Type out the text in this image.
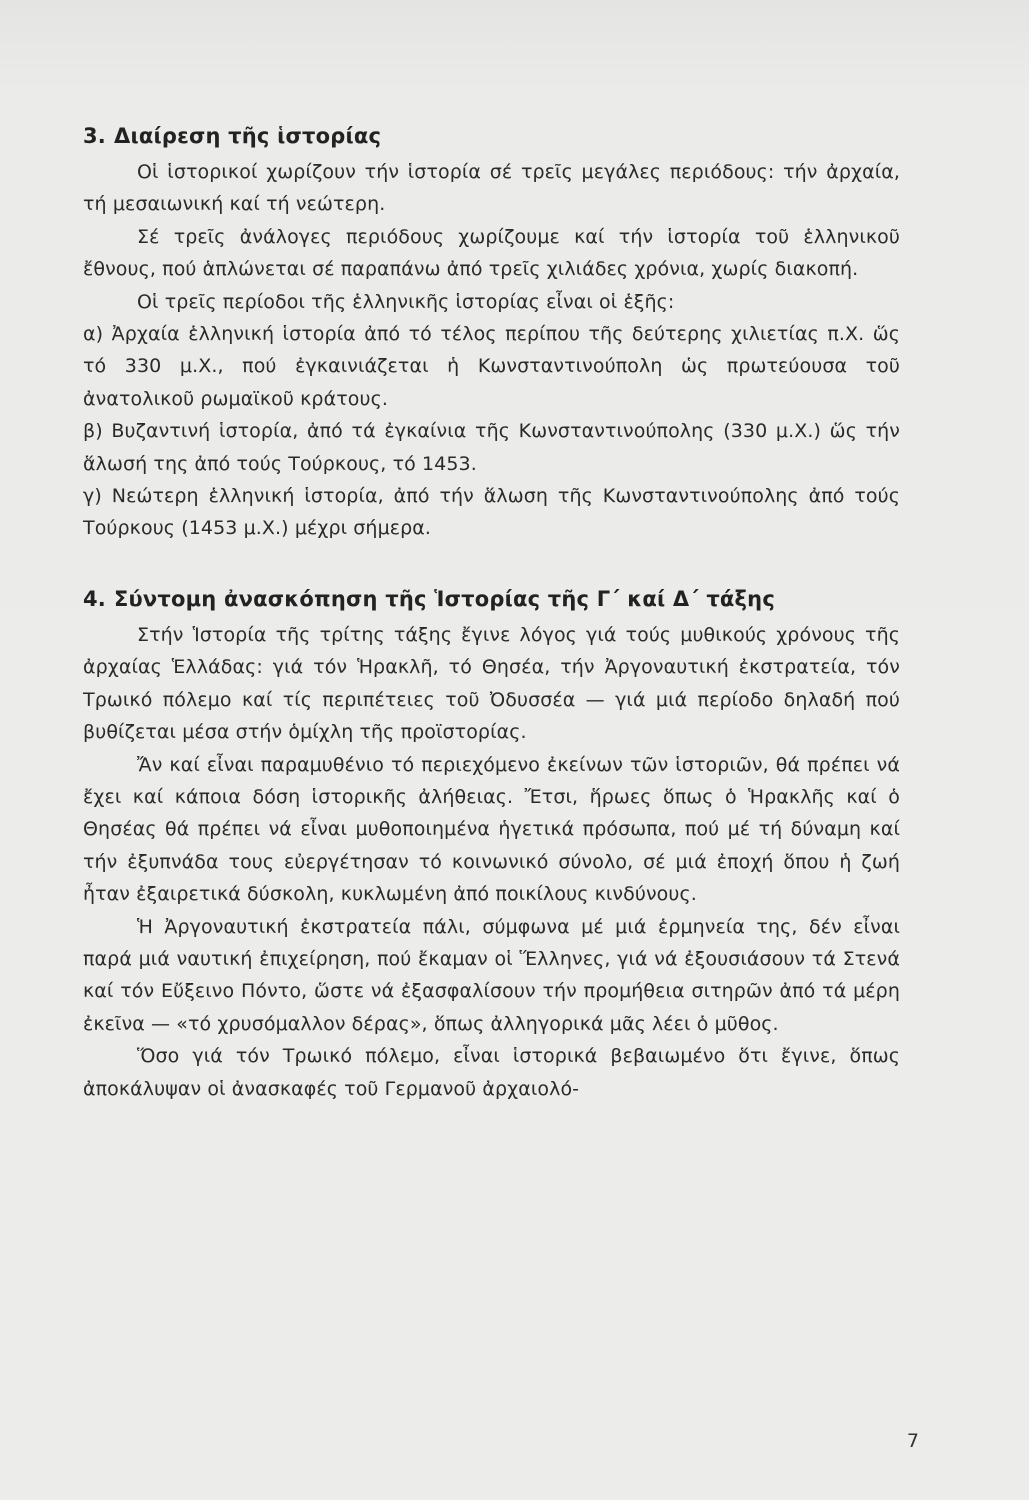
3. Διαίρεση τῆς ἱστορίας

Οἱ ἱστορικοί χωρίζουν τήν ἱστορία σέ τρεῖς μεγάλες περιόδους: τήν ἀρχαία, τή μεσαιωνική καί τή νεώτερη.

Σέ τρεῖς ἀνάλογες περιόδους χωρίζουμε καί τήν ἱστορία τοῦ ἑλληνικοῦ ἔθνους, πού ἁπλώνεται σέ παραπάνω ἀπό τρεῖς χιλιάδες χρόνια, χωρίς διακοπή.

Οἱ τρεῖς περίοδοι τῆς ἑλληνικῆς ἱστορίας εἶναι οἱ ἑξῆς:

α) Ἀρχαία ἑλληνική ἱστορία ἀπό τό τέλος περίπου τῆς δεύτερης χιλιετίας π.Χ. ὥς τό 330 μ.Χ., πού ἐγκαινιάζεται ἡ Κωνσταντινούπολη ὡς πρωτεύουσα τοῦ ἀνατολικοῦ ρωμαϊκοῦ κράτους.

β) Βυζαντινή ἱστορία, ἀπό τά ἐγκαίνια τῆς Κωνσταντινούπολης (330 μ.Χ.) ὥς τήν ἅλωσή της ἀπό τούς Τούρκους, τό 1453.

γ) Νεώτερη ἑλληνική ἱστορία, ἀπό τήν ἅλωση τῆς Κωνσταντινούπολης ἀπό τούς Τούρκους (1453 μ.Χ.) μέχρι σήμερα.

4. Σύντομη ἀνασκόπηση τῆς Ἱστορίας τῆς Γ΄ καί Δ΄ τάξης

Στήν Ἱστορία τῆς τρίτης τάξης ἔγινε λόγος γιά τούς μυθικούς χρόνους τῆς ἀρχαίας Ἑλλάδας: γιά τόν Ἡρακλῆ, τό Θησέα, τήν Ἀργοναυτική ἐκστρατεία, τόν Τρωικό πόλεμο καί τίς περιπέτειες τοῦ Ὀδυσσέα — γιά μιά περίοδο δηλαδή πού βυθίζεται μέσα στήν ὁμίχλη τῆς προϊστορίας.

Ἄν καί εἶναι παραμυθένιο τό περιεχόμενο ἐκείνων τῶν ἱστοριῶν, θά πρέπει νά ἔχει καί κάποια δόση ἱστορικῆς ἀλήθειας. Ἔτσι, ἥρωες ὅπως ὁ Ἡρακλῆς καί ὁ Θησέας θά πρέπει νά εἶναι μυθοποιημένα ἡγετικά πρόσωπα, πού μέ τή δύναμη καί τήν ἐξυπνάδα τους εὐεργέτησαν τό κοινωνικό σύνολο, σέ μιά ἐποχή ὅπου ἡ ζωή ἦταν ἐξαιρετικά δύσκολη, κυκλωμένη ἀπό ποικίλους κινδύνους.

Ἡ Ἀργοναυτική ἐκστρατεία πάλι, σύμφωνα μέ μιά ἑρμηνεία της, δέν εἶναι παρά μιά ναυτική ἐπιχείρηση, πού ἔκαμαν οἱ Ἕλληνες, γιά νά ἐξουσιάσουν τά Στενά καί τόν Εὔξεινο Πόντο, ὥστε νά ἐξασφαλίσουν τήν προμήθεια σιτηρῶν ἀπό τά μέρη ἐκεῖνα — «τό χρυσόμαλλον δέρας», ὅπως ἀλληγορικά μᾶς λέει ὁ μῦθος.

Ὅσο γιά τόν Τρωικό πόλεμο, εἶναι ἱστορικά βεβαιωμένο ὅτι ἔγινε, ὅπως ἀποκάλυψαν οἱ ἀνασκαφές τοῦ Γερμανοῦ ἀρχαιολό-

7
